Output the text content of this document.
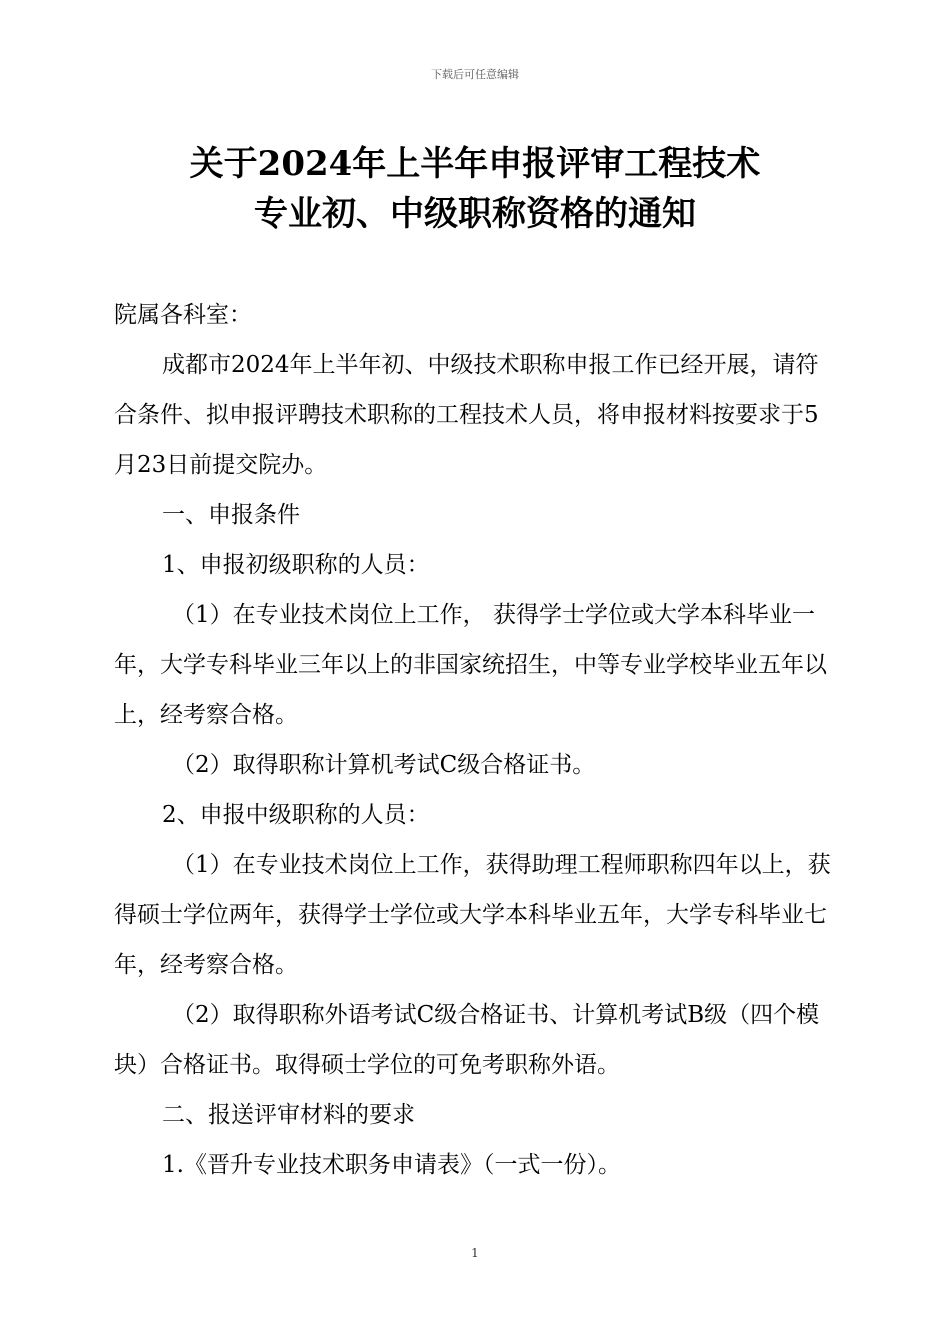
下载后可任意编辑
关于2024年上半年申报评审工程技术
专业初、中级职称资格的通知
院属各科室：

成都市2024年上半年初、中级技术职称申报工作已经开展，请符合条件、拟申报评聘技术职称的工程技术人员，将申报材料按要求于5月23日前提交院办。

一、申报条件

1、申报初级职称的人员：

（1）在专业技术岗位上工作， 获得学士学位或大学本科毕业一年，大学专科毕业三年以上的非国家统招生，中等专业学校毕业五年以上，经考察合格。

（2）取得职称计算机考试C级合格证书。

2、申报中级职称的人员：

（1）在专业技术岗位上工作，获得助理工程师职称四年以上，获得硕士学位两年，获得学士学位或大学本科毕业五年，大学专科毕业七年，经考察合格。

（2）取得职称外语考试C级合格证书、计算机考试B级（四个模块）合格证书。取得硕士学位的可免考职称外语。

二、报送评审材料的要求

1.《晋升专业技术职务申请表》（一式一份）。

1
